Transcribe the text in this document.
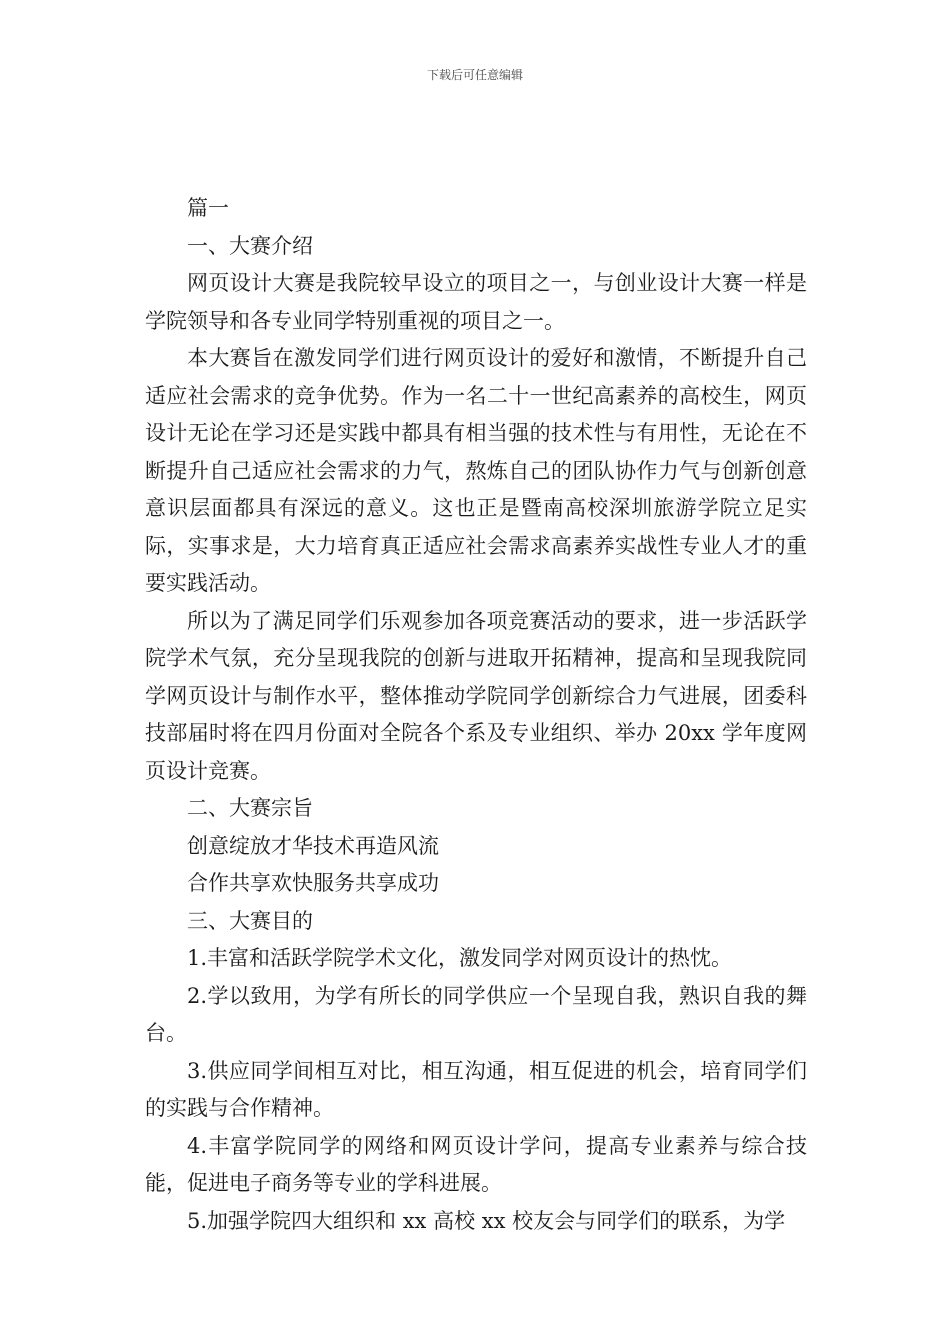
下载后可任意编辑

篇一

一、大赛介绍

网页设计大赛是我院较早设立的项目之一，与创业设计大赛一样是学院领导和各专业同学特别重视的项目之一。

本大赛旨在激发同学们进行网页设计的爱好和激情，不断提升自己适应社会需求的竞争优势。作为一名二十一世纪高素养的高校生，网页设计无论在学习还是实践中都具有相当强的技术性与有用性，无论在不断提升自己适应社会需求的力气，熬炼自己的团队协作力气与创新创意意识层面都具有深远的意义。这也正是暨南高校深圳旅游学院立足实际，实事求是，大力培育真正适应社会需求高素养实战性专业人才的重要实践活动。

所以为了满足同学们乐观参加各项竞赛活动的要求，进一步活跃学院学术气氛，充分呈现我院的创新与进取开拓精神，提高和呈现我院同学网页设计与制作水平，整体推动学院同学创新综合力气进展，团委科技部届时将在四月份面对全院各个系及专业组织、举办 20xx 学年度网页设计竞赛。

二、大赛宗旨

创意绽放才华技术再造风流

合作共享欢快服务共享成功

三、大赛目的

1.丰富和活跃学院学术文化，激发同学对网页设计的热忱。

2.学以致用，为学有所长的同学供应一个呈现自我，熟识自我的舞台。

3.供应同学间相互对比，相互沟通，相互促进的机会，培育同学们的实践与合作精神。

4.丰富学院同学的网络和网页设计学问，提高专业素养与综合技能，促进电子商务等专业的学科进展。

5.加强学院四大组织和 xx 高校 xx 校友会与同学们的联系，为学
